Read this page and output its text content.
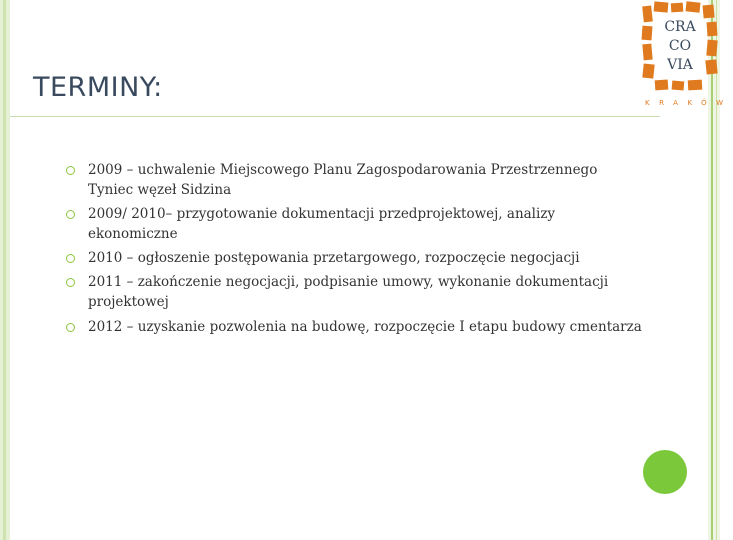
TERMINY:
2009 – uchwalenie Miejscowego Planu Zagospodarowania Przestrzennego
Tyniec węzeł Sidzina
2009/ 2010– przygotowanie dokumentacji przedprojektowej, analizy
ekonomiczne
2010 – ogłoszenie postępowania przetargowego, rozpoczęcie negocjacji
2011 – zakończenie negocjacji, podpisanie umowy, wykonanie dokumentacji
projektowej
2012 – uzyskanie pozwolenia na budowę, rozpoczęcie I etapu budowy cmentarza
CRA
CO
VIA
KRAKÓW
